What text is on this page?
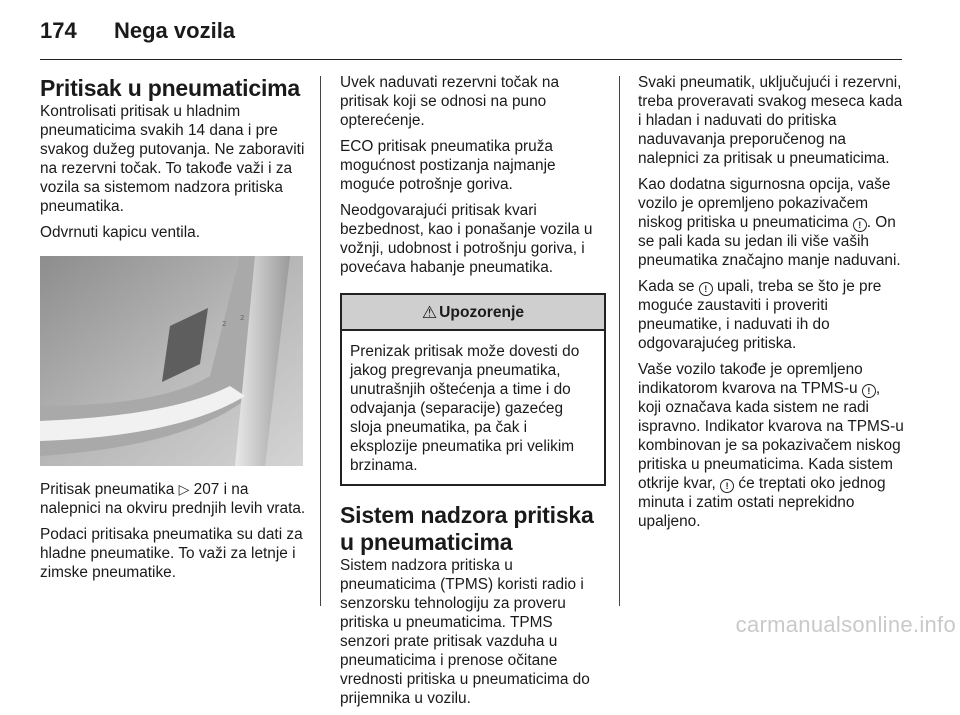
174 Nega vozila
Pritisak u pneumaticima

Kontrolisati pritisak u hladnim pneumaticima svakih 14 dana i pre svakog dužeg putovanja. Ne zaboraviti na rezervni točak. To takođe važi i za vozila sa sistemom nadzora pritiska pneumatika.

Odvrnuti kapicu ventila.

2
2

Pritisak pneumatika ▷ 207 i na nalepnici na okviru prednjih levih vrata.

Podaci pritisaka pneumatika su dati za hladne pneumatike. To važi za letnje i zimske pneumatike.

Uvek naduvati rezervni točak na pritisak koji se odnosi na puno opterećenje.

ECO pritisak pneumatika pruža mogućnost postizanja najmanje moguće potrošnje goriva.

Neodgovarajući pritisak kvari bezbednost, kao i ponašanje vozila u vožnji, udobnost i potrošnju goriva, i povećava habanje pneumatika.

⚠ Upozorenje
Prenizak pritisak može dovesti do jakog pregrevanja pneumatika, unutrašnjih oštećenja a time i do odvajanja (separacije) gazećeg sloja pneumatika, pa čak i eksplozije pneumatika pri velikim brzinama.
Sistem nadzora pritiska u pneumaticima

Sistem nadzora pritiska u pneumaticima (TPMS) koristi radio i senzorsku tehnologiju za proveru pritiska u pneumaticima. TPMS senzori prate pritisak vazduha u pneumaticima i prenose očitane vrednosti pritiska u pneumaticima do prijemnika u vozilu.

Svaki pneumatik, uključujući i rezervni, treba proveravati svakog meseca kada i hladan i naduvati do pritiska naduvavanja preporučenog na nalepnici za pritisak u pneumaticima.

Kao dodatna sigurnosna opcija, vaše vozilo je opremljeno pokazivačem niskog pritiska u pneumaticima ! . On se pali kada su jedan ili više vaših pneumatika značajno manje naduvani.

Kada se ! upali, treba se što je pre moguće zaustaviti i proveriti pneumatike, i naduvati ih do odgovarajućeg pritiska.

Vaše vozilo takođe je opremljeno indikatorom kvarova na TPMS-u ! , koji označava kada sistem ne radi ispravno. Indikator kvarova na TPMS-u kombinovan je sa pokazivačem niskog pritiska u pneumaticima. Kada sistem otkrije kvar, ! će treptati oko jednog minuta i zatim ostati neprekidno upaljeno.

carmanualsonline.info
